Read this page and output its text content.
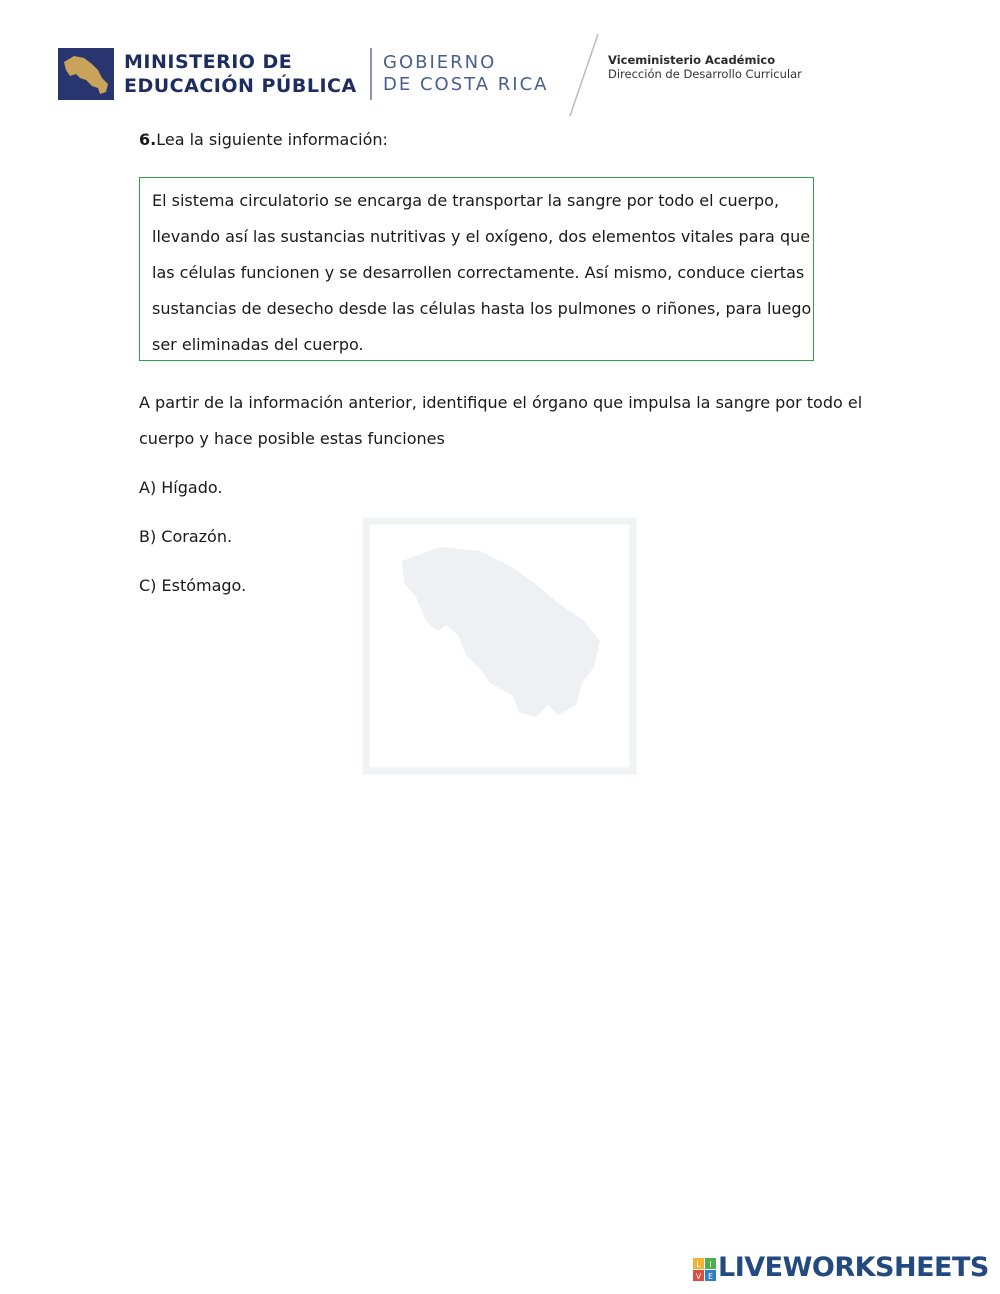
MINISTERIO DE
EDUCACIÓN PÚBLICA
GOBIERNO
DE COSTA RICA
Viceministerio Académico
Dirección de Desarrollo Curricular
6.Lea la siguiente información:
El sistema circulatorio se encarga de transportar la sangre por todo el cuerpo,
llevando así las sustancias nutritivas y el oxígeno, dos elementos vitales para que
las células funcionen y se desarrollen correctamente. Así mismo, conduce ciertas
sustancias de desecho desde las células hasta los pulmones o riñones, para luego
ser eliminadas del cuerpo.
A partir de la información anterior, identifique el órgano que impulsa la sangre por todo el
cuerpo y hace posible estas funciones
A) Hígado.
B) Corazón.
C) Estómago.
L I
V E LIVEWORKSHEETS
